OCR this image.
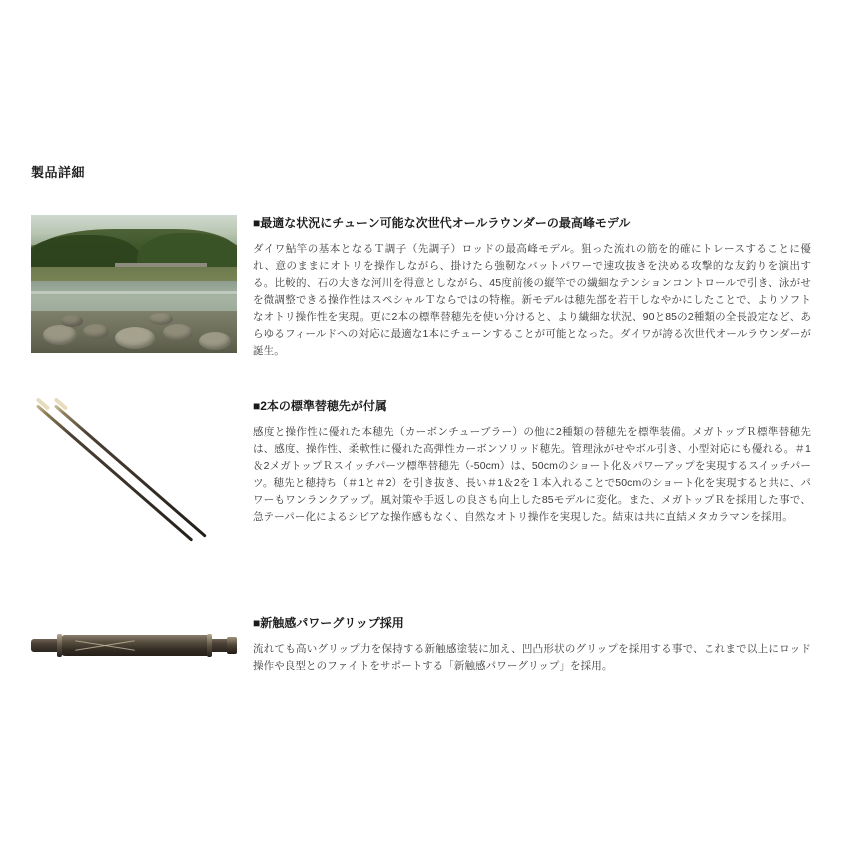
製品詳細
■最適な状況にチューン可能な次世代オールラウンダーの最高峰モデル

ダイワ鮎竿の基本となるＴ調子（先調子）ロッドの最高峰モデル。狙った流れの筋を的確にトレースすることに優れ、意のままにオトリを操作しながら、掛けたら強靭なバットパワーで速攻抜きを決める攻撃的な友釣りを演出する。比較的、石の大きな河川を得意としながら、45度前後の縦竿での繊細なテンションコントロールで引き、泳がせを微調整できる操作性はスペシャルＴならではの特権。新モデルは穂先部を若干しなやかにしたことで、よりソフトなオトリ操作性を実現。更に2本の標準替穂先を使い分けると、より繊細な状況、90と85の2種類の全長設定など、あらゆるフィールドへの対応に最適な1本にチューンすることが可能となった。ダイワが誇る次世代オールラウンダーが誕生。

■2本の標準替穂先が付属

感度と操作性に優れた本穂先（カーボンチューブラー）の他に2種類の替穂先を標準装備。メガトップＲ標準替穂先は、感度、操作性、柔軟性に優れた高弾性カーボンソリッド穂先。管理泳がせやボル引き、小型対応にも優れる。＃1＆2メガトップＲスイッチパーツ標準替穂先（-50cm）は、50cmのショート化＆パワーアップを実現するスイッチパーツ。穂先と穂持ち（＃1と＃2）を引き抜き、長い＃1＆2を１本入れることで50cmのショート化を実現すると共に、パワーもワンランクアップ。風対策や手返しの良さも向上した85モデルに変化。また、メガトップＲを採用した事で、急テーパー化によるシビアな操作感もなく、自然なオトリ操作を実現した。結束は共に直結メタカラマンを採用。

■新触感パワーグリップ採用

流れても高いグリップ力を保持する新触感塗装に加え、凹凸形状のグリップを採用する事で、これまで以上にロッド操作や良型とのファイトをサポートする「新触感パワーグリップ」を採用。
